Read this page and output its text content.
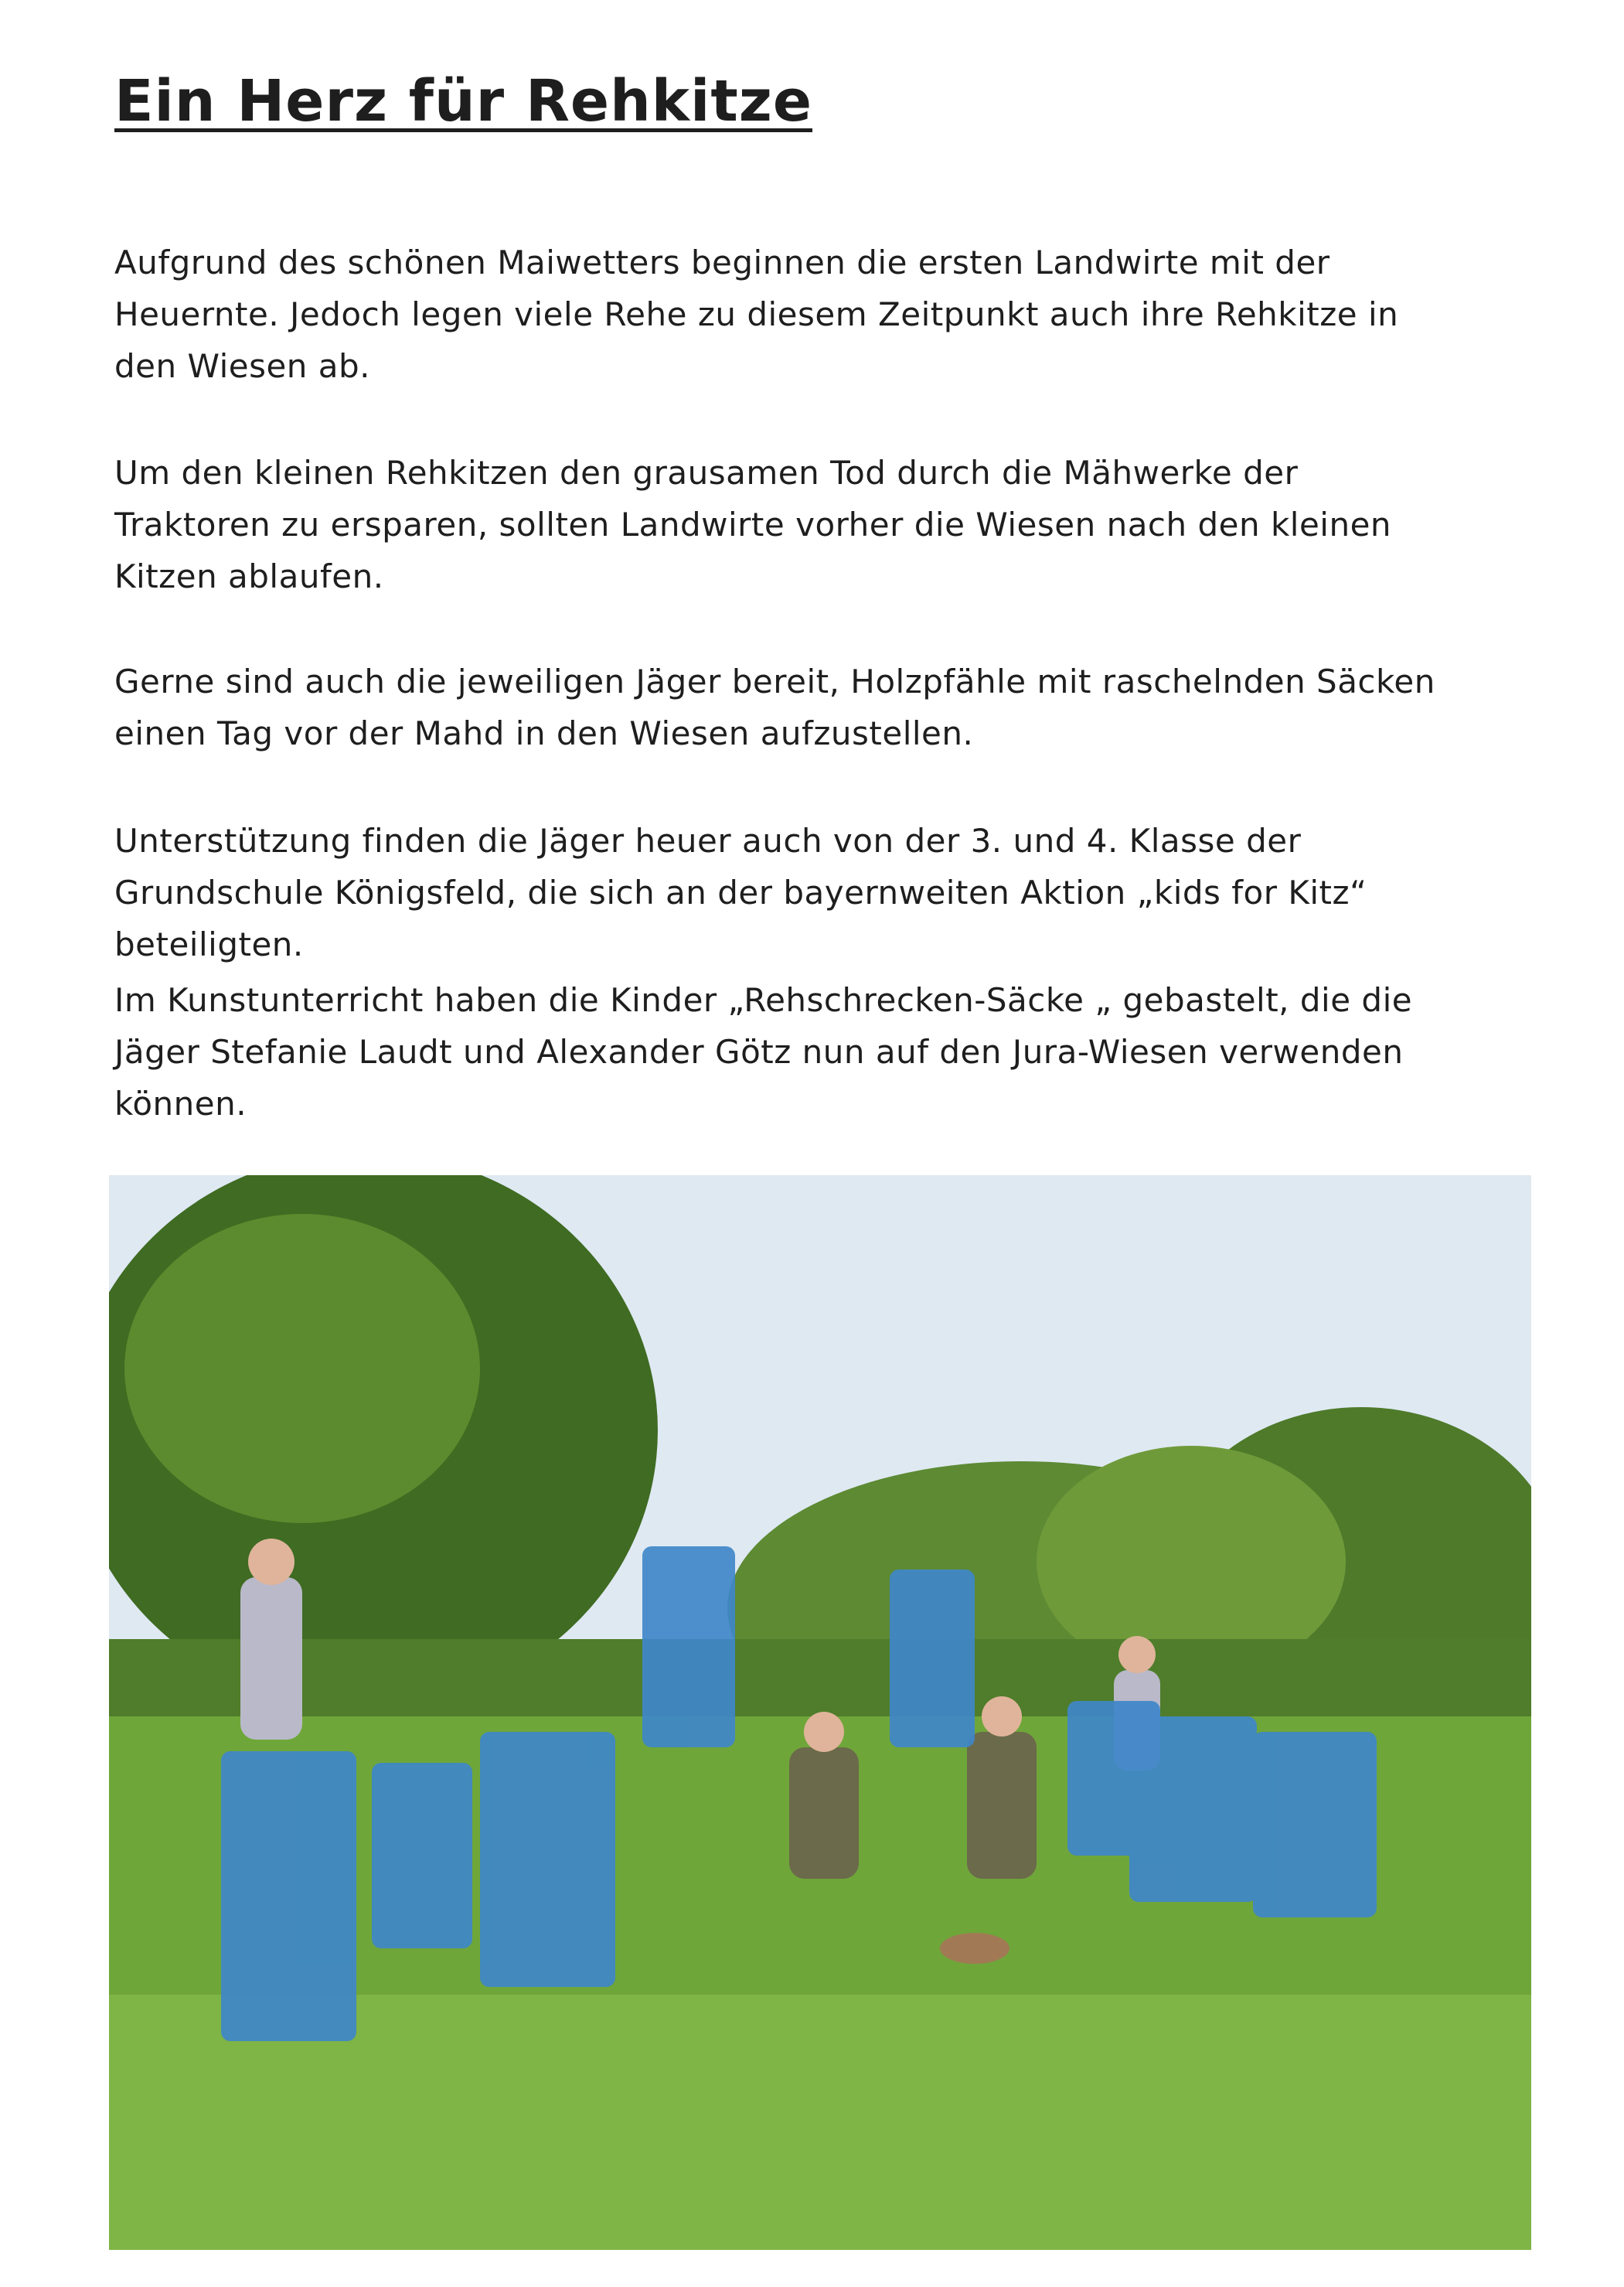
Ein Herz für Rehkitze

Aufgrund des schönen Maiwetters beginnen die ersten Landwirte mit der
Heuernte. Jedoch legen viele Rehe zu diesem Zeitpunkt auch ihre Rehkitze in
den Wiesen ab.

Um den kleinen Rehkitzen den grausamen Tod durch die Mähwerke der
Traktoren zu ersparen, sollten Landwirte vorher die Wiesen nach den kleinen
Kitzen ablaufen.

Gerne sind auch die jeweiligen Jäger bereit, Holzpfähle mit raschelnden Säcken
einen Tag vor der Mahd in den Wiesen aufzustellen.

Unterstützung finden die Jäger heuer auch von der 3. und 4. Klasse der
Grundschule Königsfeld, die sich an der bayernweiten Aktion „kids for Kitz“
beteiligten.

Im Kunstunterricht haben die Kinder „Rehschrecken-Säcke „ gebastelt, die die
Jäger Stefanie Laudt und Alexander Götz nun auf den Jura-Wiesen verwenden
können.
